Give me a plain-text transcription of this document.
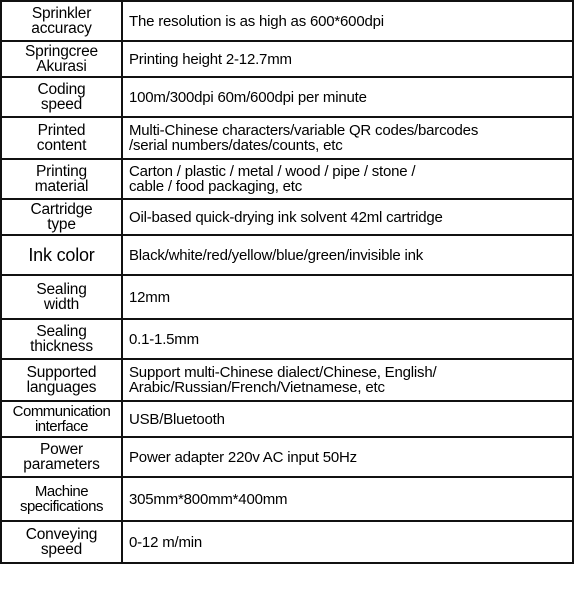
Sprinkler
accuracy	The resolution is as high as 600*600dpi

Springcree
Akurasi	Printing height 2-12.7mm

Coding
speed	100m/300dpi 60m/600dpi per minute

Printed
content	Multi-Chinese characters/variable QR codes/barcodes
/serial numbers/dates/counts, etc

Printing
material	Carton / plastic / metal / wood / pipe / stone /
cable / food packaging, etc

Cartridge
type	Oil-based quick-drying ink solvent 42ml cartridge

Ink color	Black/white/red/yellow/blue/green/invisible ink

Sealing
width	12mm

Sealing
thickness	0.1-1.5mm

Supported
languages	Support multi-Chinese dialect/Chinese, English/
Arabic/Russian/French/Vietnamese, etc

Communication
interface	USB/Bluetooth

Power
parameters	Power adapter 220v AC input 50Hz

Machine
specifications	305mm*800mm*400mm

Conveying
speed	0-12 m/min
